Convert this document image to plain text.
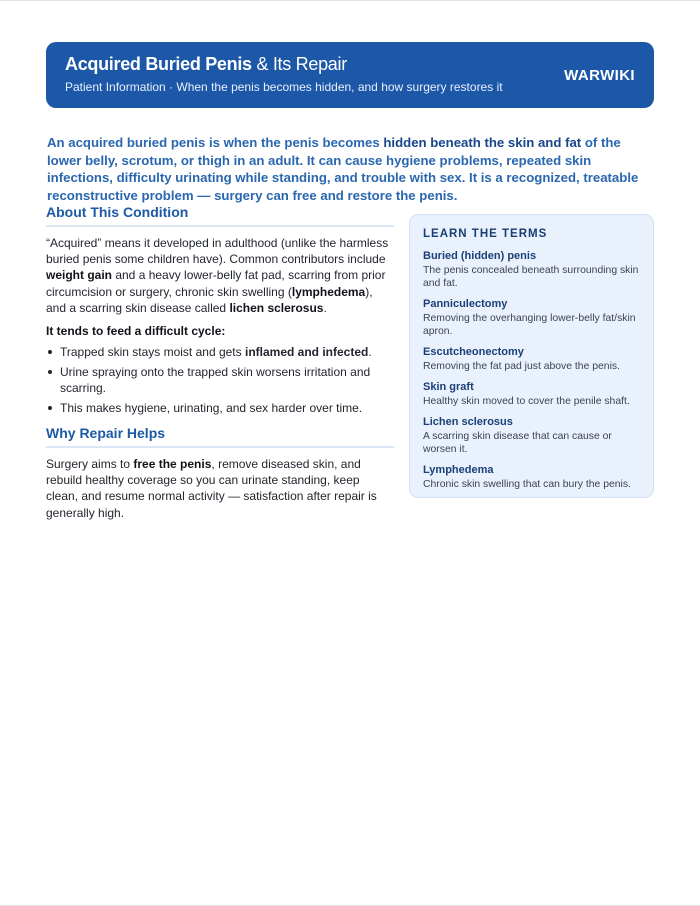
Acquired Buried Penis & Its Repair
Patient Information · When the penis becomes hidden, and how surgery restores it
WARWIKI

An acquired buried penis is when the penis becomes hidden beneath the skin and fat of the lower belly, scrotum, or thigh in an adult. It can cause hygiene problems, repeated skin infections, difficulty urinating while standing, and trouble with sex. It is a recognized, treatable reconstructive problem — surgery can free and restore the penis.

About This Condition

“Acquired” means it developed in adulthood (unlike the harmless buried penis some children have). Common contributors include weight gain and a heavy lower-belly fat pad, scarring from prior circumcision or surgery, chronic skin swelling (lymphedema), and a scarring skin disease called lichen sclerosus.

It tends to feed a difficult cycle:
Trapped skin stays moist and gets inflamed and infected.
Urine spraying onto the trapped skin worsens irritation and scarring.
This makes hygiene, urinating, and sex harder over time.
Why Repair Helps

Surgery aims to free the penis, remove diseased skin, and rebuild healthy coverage so you can urinate standing, keep clean, and resume normal activity — satisfaction after repair is generally high.

LEARN THE TERMS
Buried (hidden) penis
The penis concealed beneath surrounding skin and fat.
Panniculectomy
Removing the overhanging lower-belly fat/skin apron.
Escutcheonectomy
Removing the fat pad just above the penis.
Skin graft
Healthy skin moved to cover the penile shaft.
Lichen sclerosus
A scarring skin disease that can cause or worsen it.
Lymphedema
Chronic skin swelling that can bury the penis.
